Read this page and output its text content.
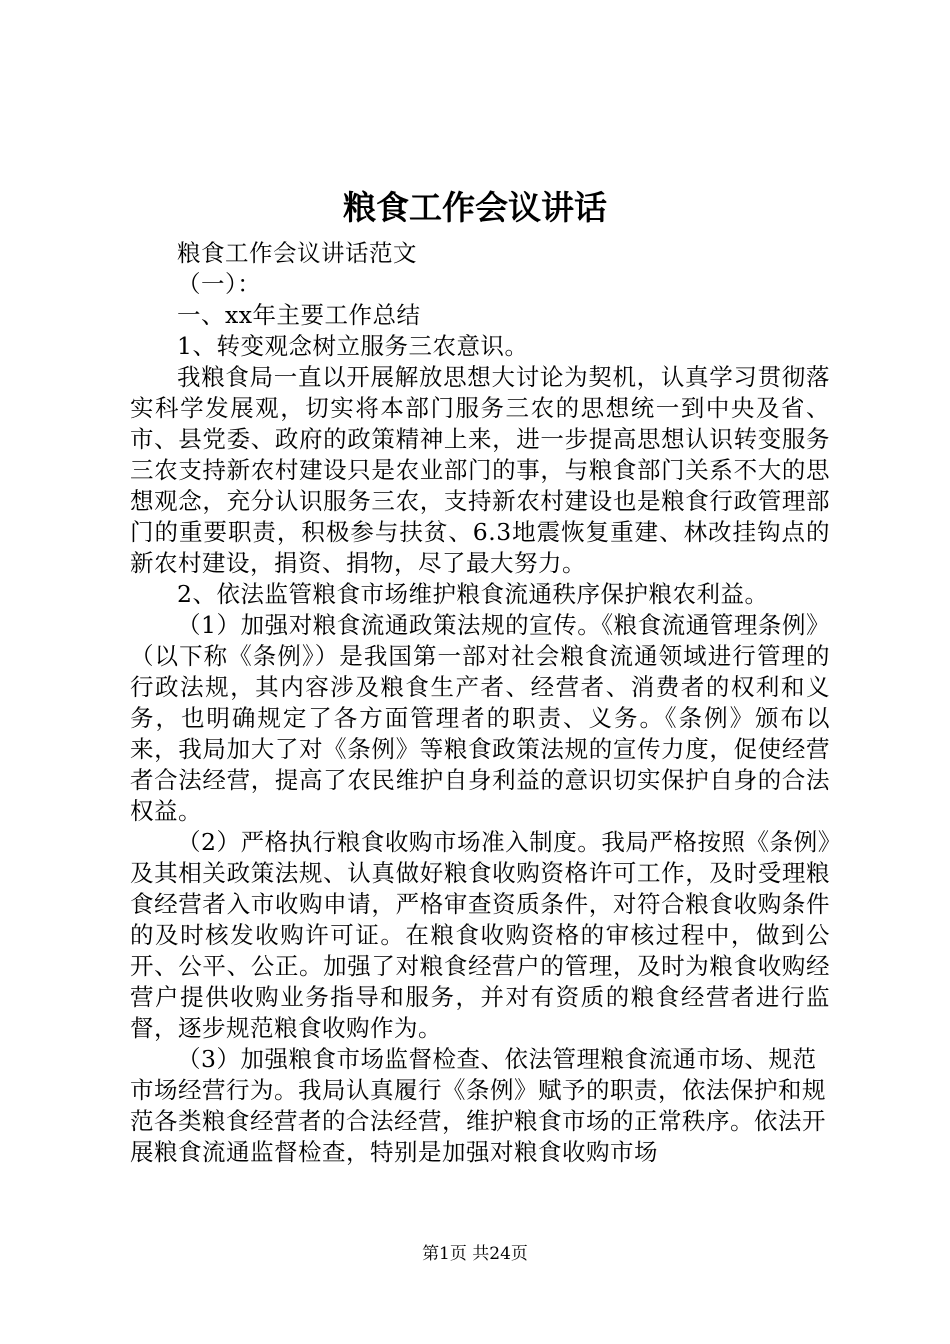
粮食工作会议讲话

粮食工作会议讲话范文

（一）：

一、xx年主要工作总结

1、转变观念树立服务三农意识。

我粮食局一直以开展解放思想大讨论为契机，认真学习贯彻落实科学发展观，切实将本部门服务三农的思想统一到中央及省、市、县党委、政府的政策精神上来，进一步提高思想认识转变服务三农支持新农村建设只是农业部门的事，与粮食部门关系不大的思想观念，充分认识服务三农，支持新农村建设也是粮食行政管理部门的重要职责，积极参与扶贫、6.3地震恢复重建、林改挂钩点的新农村建设，捐资、捐物，尽了最大努力。

2、依法监管粮食市场维护粮食流通秩序保护粮农利益。

（1）加强对粮食流通政策法规的宣传。《粮食流通管理条例》（以下称《条例》）是我国第一部对社会粮食流通领域进行管理的行政法规，其内容涉及粮食生产者、经营者、消费者的权利和义务，也明确规定了各方面管理者的职责、义务。《条例》颁布以来，我局加大了对《条例》等粮食政策法规的宣传力度，促使经营者合法经营，提高了农民维护自身利益的意识切实保护自身的合法权益。

（2）严格执行粮食收购市场准入制度。我局严格按照《条例》及其相关政策法规、认真做好粮食收购资格许可工作，及时受理粮食经营者入市收购申请，严格审查资质条件，对符合粮食收购条件的及时核发收购许可证。在粮食收购资格的审核过程中，做到公开、公平、公正。加强了对粮食经营户的管理，及时为粮食收购经营户提供收购业务指导和服务，并对有资质的粮食经营者进行监督，逐步规范粮食收购作为。

（3）加强粮食市场监督检查、依法管理粮食流通市场、规范市场经营行为。我局认真履行《条例》赋予的职责，依法保护和规范各类粮食经营者的合法经营，维护粮食市场的正常秩序。依法开展粮食流通监督检查，特别是加强对粮食收购市场

第1页 共24页
